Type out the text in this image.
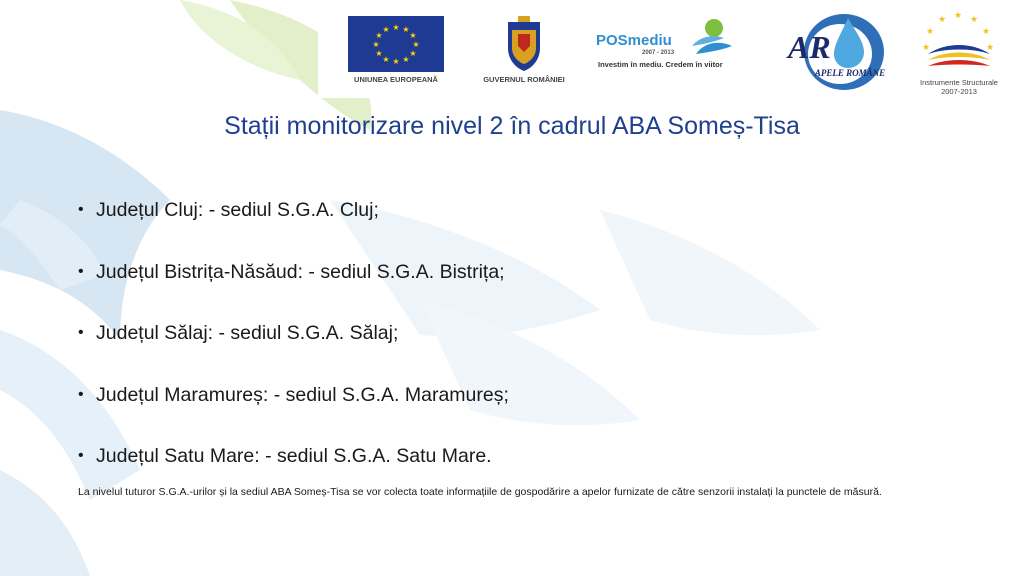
★ ★
★
★
★
★
★
★
★
★
★
★
UNIUNEA EUROPEANĂ	GUVERNUL ROMÂNIEI
POSmediu
2007 - 2013
Investim în mediu. Credem în viitor AR
APELE ROMÂNE
★ ★
★
★
★
★
★
Instrumente Structurale
2007-2013
Stații monitorizare nivel 2 în cadrul ABA Someș-Tisa
• Județul Cluj: - sediul S.G.A. Cluj;
• Județul Bistrița-Năsăud: - sediul S.G.A. Bistrița;
• Județul Sălaj: - sediul S.G.A. Sălaj;
• Județul Maramureș: - sediul S.G.A. Maramureș;
• Județul Satu Mare: - sediul S.G.A. Satu Mare.
La nivelul tuturor S.G.A.-urilor și la sediul ABA Someș-Tisa se vor colecta toate informațiile de gospodărire a apelor furnizate de către senzorii instalați la punctele de măsură.
